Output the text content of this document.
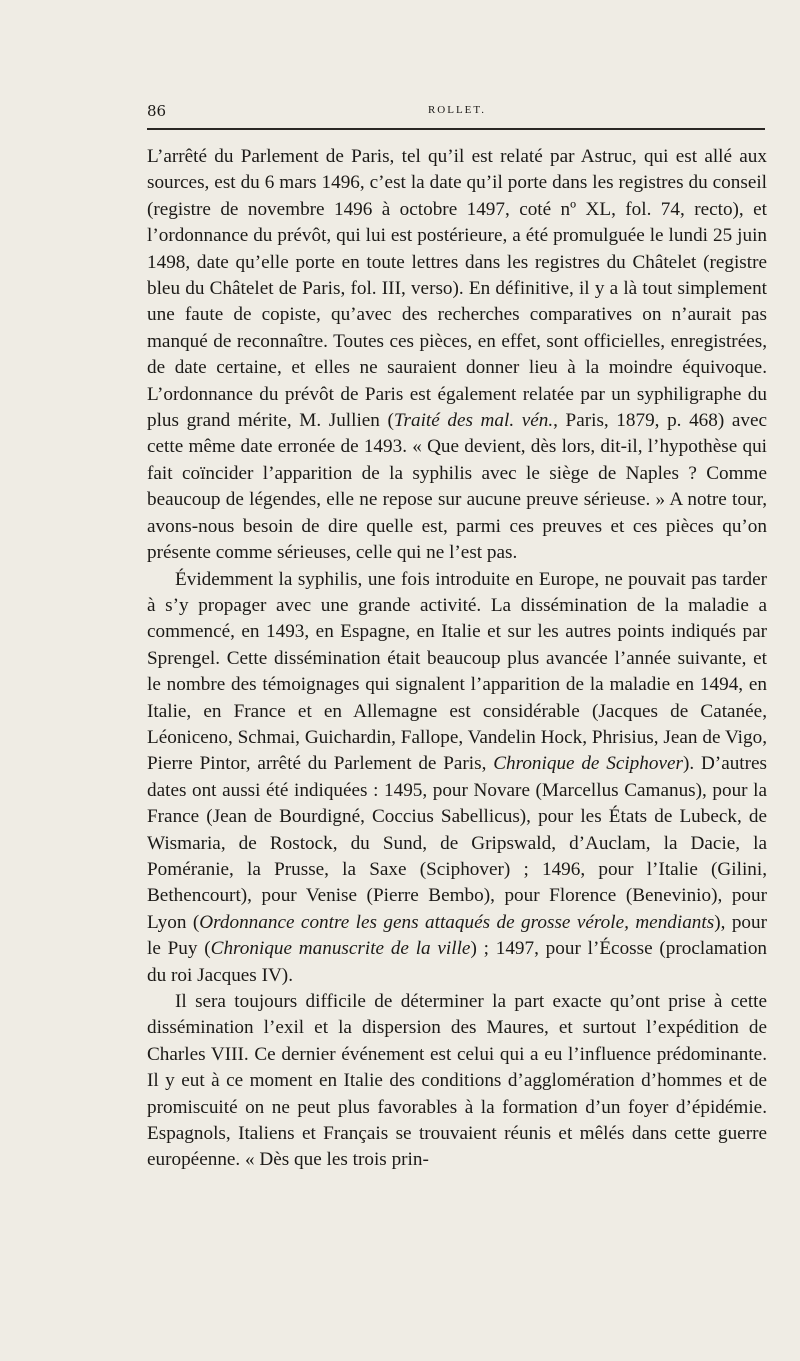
86	ROLLET.

L’arrêté du Parlement de Paris, tel qu’il est relaté par Astruc, qui est allé aux sources, est du 6 mars 1496, c’est la date qu’il porte dans les registres du conseil (registre de novembre 1496 à octobre 1497, coté nº XL, fol. 74, recto), et l’ordonnance du prévôt, qui lui est postérieure, a été promulguée le lundi 25 juin 1498, date qu’elle porte en toute lettres dans les registres du Châtelet (registre bleu du Châtelet de Paris, fol. III, verso). En définitive, il y a là tout simplement une faute de copiste, qu’avec des recherches comparatives on n’aurait pas manqué de reconnaître. Toutes ces pièces, en effet, sont officielles, enregistrées, de date certaine, et elles ne sauraient donner lieu à la moindre équivoque. L’ordonnance du prévôt de Paris est également relatée par un syphiligraphe du plus grand mérite, M. Jullien (Traité des mal. vén., Paris, 1879, p. 468) avec cette même date erronée de 1493. « Que devient, dès lors, dit-il, l’hypothèse qui fait coïncider l’apparition de la syphilis avec le siège de Naples ? Comme beaucoup de légendes, elle ne repose sur aucune preuve sérieuse. » A notre tour, avons-nous besoin de dire quelle est, parmi ces preuves et ces pièces qu’on présente comme sérieuses, celle qui ne l’est pas.

Évidemment la syphilis, une fois introduite en Europe, ne pouvait pas tarder à s’y propager avec une grande activité. La dissémination de la maladie a commencé, en 1493, en Espagne, en Italie et sur les autres points indiqués par Sprengel. Cette dissémination était beaucoup plus avancée l’année suivante, et le nombre des témoignages qui signalent l’apparition de la maladie en 1494, en Italie, en France et en Allemagne est considérable (Jacques de Catanée, Léoniceno, Schmai, Guichardin, Fallope, Vandelin Hock, Phrisius, Jean de Vigo, Pierre Pintor, arrêté du Parlement de Paris, Chronique de Sciphover). D’autres dates ont aussi été indiquées : 1495, pour Novare (Marcellus Camanus), pour la France (Jean de Bourdigné, Coccius Sabellicus), pour les États de Lubeck, de Wismaria, de Rostock, du Sund, de Gripswald, d’Auclam, la Dacie, la Poméranie, la Prusse, la Saxe (Sciphover) ; 1496, pour l’Italie (Gilini, Bethencourt), pour Venise (Pierre Bembo), pour Florence (Benevinio), pour Lyon (Ordonnance contre les gens attaqués de grosse vérole, mendiants), pour le Puy (Chronique manuscrite de la ville) ; 1497, pour l’Écosse (proclamation du roi Jacques IV).

Il sera toujours difficile de déterminer la part exacte qu’ont prise à cette dissémination l’exil et la dispersion des Maures, et surtout l’expédition de Charles VIII. Ce dernier événement est celui qui a eu l’influence prédominante. Il y eut à ce moment en Italie des conditions d’agglomération d’hommes et de promiscuité on ne peut plus favorables à la formation d’un foyer d’épidémie. Espagnols, Italiens et Français se trouvaient réunis et mêlés dans cette guerre européenne. « Dès que les trois prin-
